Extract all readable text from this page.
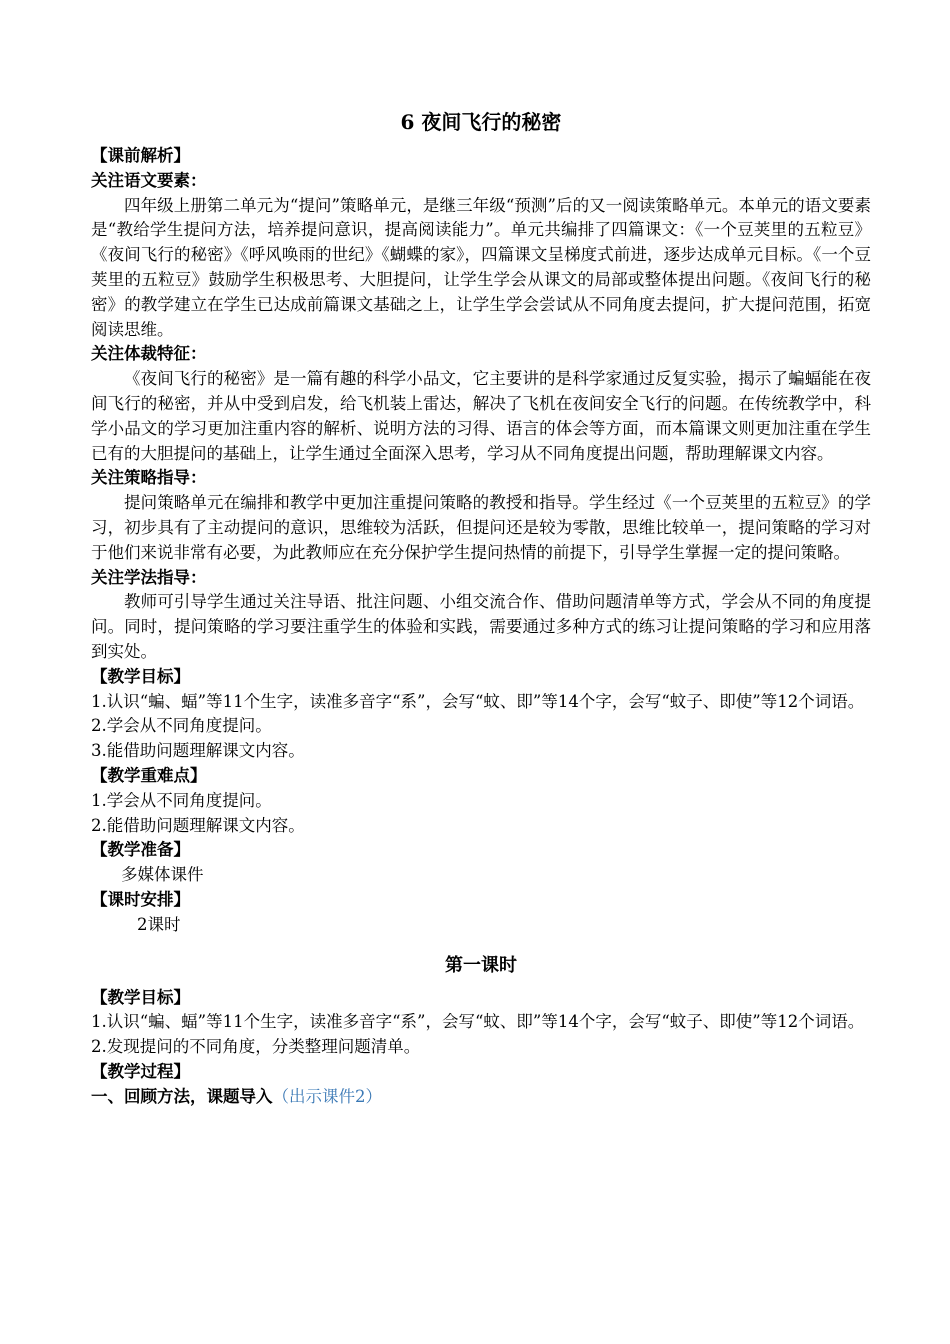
6 夜间飞行的秘密
【课前解析】
关注语文要素：

四年级上册第二单元为“提问”策略单元，是继三年级“预测”后的又一阅读策略单元。本单元的语文要素是“教给学生提问方法，培养提问意识，提高阅读能力”。单元共编排了四篇课文：《一个豆荚里的五粒豆》《夜间飞行的秘密》《呼风唤雨的世纪》《蝴蝶的家》，四篇课文呈梯度式前进，逐步达成单元目标。《一个豆荚里的五粒豆》鼓励学生积极思考、大胆提问，让学生学会从课文的局部或整体提出问题。《夜间飞行的秘密》的教学建立在学生已达成前篇课文基础之上，让学生学会尝试从不同角度去提问，扩大提问范围，拓宽阅读思维。

关注体裁特征：

《夜间飞行的秘密》是一篇有趣的科学小品文，它主要讲的是科学家通过反复实验，揭示了蝙蝠能在夜间飞行的秘密，并从中受到启发，给飞机装上雷达，解决了飞机在夜间安全飞行的问题。在传统教学中，科学小品文的学习更加注重内容的解析、说明方法的习得、语言的体会等方面，而本篇课文则更加注重在学生已有的大胆提问的基础上，让学生通过全面深入思考，学习从不同角度提出问题，帮助理解课文内容。

关注策略指导：

提问策略单元在编排和教学中更加注重提问策略的教授和指导。学生经过《一个豆荚里的五粒豆》的学习，初步具有了主动提问的意识，思维较为活跃，但提问还是较为零散，思维比较单一，提问策略的学习对于他们来说非常有必要，为此教师应在充分保护学生提问热情的前提下，引导学生掌握一定的提问策略。

关注学法指导：

教师可引导学生通过关注导语、批注问题、小组交流合作、借助问题清单等方式，学会从不同的角度提问。同时，提问策略的学习要注重学生的体验和实践，需要通过多种方式的练习让提问策略的学习和应用落到实处。

【教学目标】

1.认识“蝙、蝠”等11个生字，读准多音字“系”，会写“蚊、即”等14个字，会写“蚊子、即使”等12个词语。

2.学会从不同角度提问。

3.能借助问题理解课文内容。

【教学重难点】

1.学会从不同角度提问。

2.能借助问题理解课文内容。

【教学准备】

多媒体课件

【课时安排】

2课时

第一课时
【教学目标】

1.认识“蝙、蝠”等11个生字，读准多音字“系”，会写“蚊、即”等14个字，会写“蚊子、即使”等12个词语。

2.发现提问的不同角度，分类整理问题清单。

【教学过程】
一、回顾方法，课题导入（出示课件2）
